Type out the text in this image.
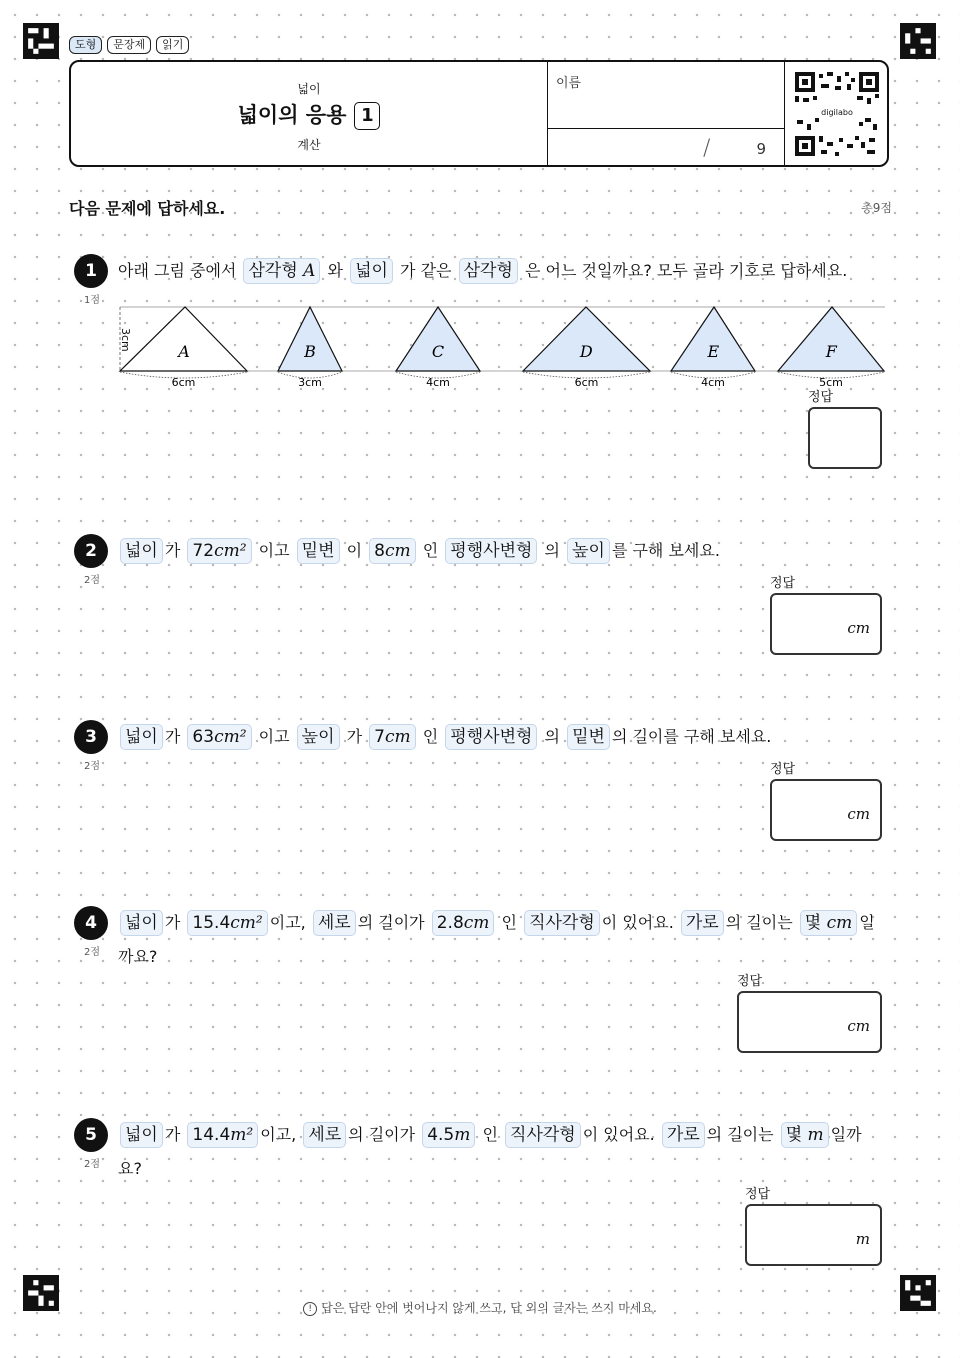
도형	문장제	읽기
넓이
넓이의 응용 1
계산
이름
/	9
digilabo
다음 문제에 답하세요.	총9점
1
1점
아래 그림 중에서 삼각형 A 와 넓이 가 같은 삼각형 은 어느 것일까요? 모두 골라 기호로 답하세요.
3cm	A
6cm
B
3cm
C
4cm
D
6cm
E
4cm
F
5cm
정답
2
2점
넓이 가 72cm² 이고 밑변 이 8cm 인 평행사변형 의 높이 를 구해 보세요.
정답
cm
3
2점
넓이 가 63cm² 이고 높이 가 7cm 인 평행사변형 의 밑변 의 길이를 구해 보세요.
정답
cm
4
2점
넓이 가 15.4cm² 이고, 세로 의 길이가 2.8cm 인 직사각형 이 있어요. 가로 의 길이는 몇 cm 일
까요?
정답
cm
5
2점
넓이 가 14.4m² 이고, 세로 의 길이가 4.5m 인 직사각형 이 있어요. 가로 의 길이는 몇 m 일까
요?
정답
m
! 답은 답란 안에 벗어나지 않게 쓰고, 답 외의 글자는 쓰지 마세요.
